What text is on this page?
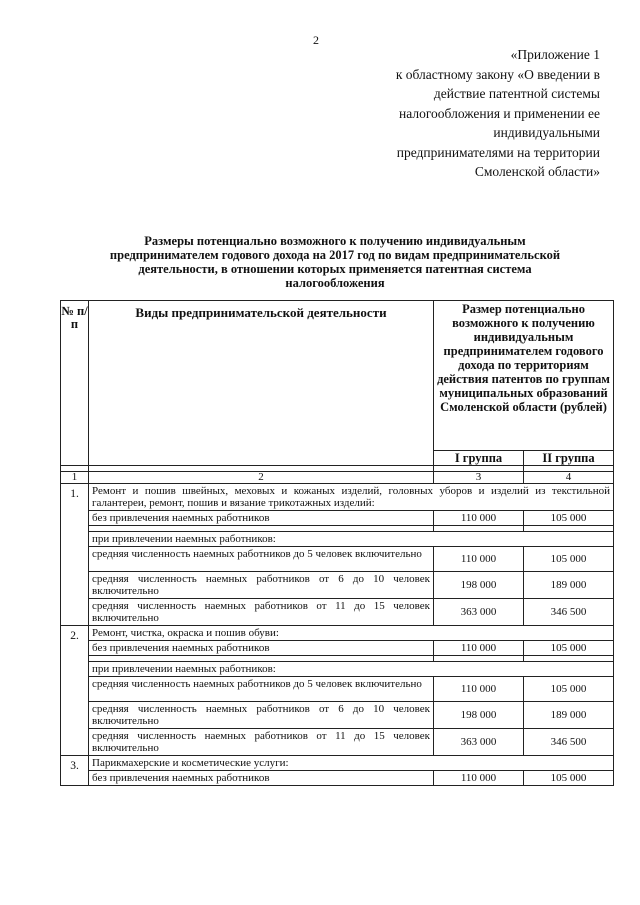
2
«Приложение 1
к областному закону «О введении в
действие патентной системы
налогообложения и применении ее
индивидуальными
предпринимателями на территории
Смоленской области»
Размеры потенциально возможного к получению индивидуальным
предпринимателем годового дохода на 2017 год по видам предпринимательской
деятельности, в отношении которых применяется патентная система
налогообложения
№ п/п	Виды предпринимательской деятельности	Размер потенциально возможного к получению индивидуальным предпринимателем годового дохода по территориям действия патентов по группам муниципальных образований Смоленской области (рублей)	
		I группа	II группа

1	2	3	4
1.	Ремонт и пошив швейных, меховых и кожаных изделий, головных уборов и изделий из текстильной галантереи, ремонт, пошив и вязание трикотажных изделий:		
	без привлечения наемных работников	110 000	105 000

	при привлечении наемных работников:		
	средняя численность наемных работников до 5 человек включительно	110 000	105 000
	средняя численность наемных работников от 6 до 10 человек включительно	198 000	189 000
	средняя численность наемных работников от 11 до 15 человек включительно	363 000	346 500
2.	Ремонт, чистка, окраска и пошив обуви:		
	без привлечения наемных работников	110 000	105 000

	при привлечении наемных работников:		
	средняя численность наемных работников до 5 человек включительно	110 000	105 000
	средняя численность наемных работников от 6 до 10 человек включительно	198 000	189 000
	средняя численность наемных работников от 11 до 15 человек включительно	363 000	346 500
3.	Парикмахерские и косметические услуги:		
	без привлечения наемных работников	110 000	105 000
